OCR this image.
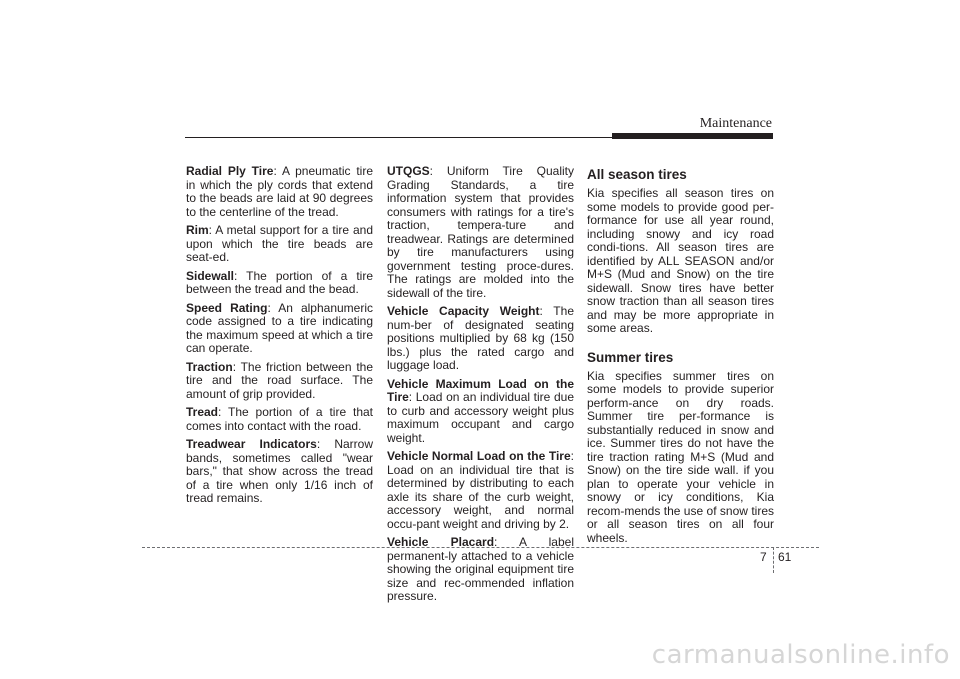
Maintenance

Radial Ply Tire: A pneumatic tire in which the ply cords that extend to the beads are laid at 90 degrees to the centerline of the tread.

Rim: A metal support for a tire and upon which the tire beads are seat-ed.

Sidewall: The portion of a tire between the tread and the bead.

Speed Rating: An alphanumeric code assigned to a tire indicating the maximum speed at which a tire can operate.

Traction: The friction between the tire and the road surface. The amount of grip provided.

Tread: The portion of a tire that comes into contact with the road.

Treadwear Indicators: Narrow bands, sometimes called "wear bars," that show across the tread of a tire when only 1/16 inch of tread remains.

UTQGS: Uniform Tire Quality Grading Standards, a tire information system that provides consumers with ratings for a tire's traction, tempera-ture and treadwear. Ratings are determined by tire manufacturers using government testing proce-dures. The ratings are molded into the sidewall of the tire.

Vehicle Capacity Weight: The num-ber of designated seating positions multiplied by 68 kg (150 lbs.) plus the rated cargo and luggage load.

Vehicle Maximum Load on the Tire: Load on an individual tire due to curb and accessory weight plus maximum occupant and cargo weight.

Vehicle Normal Load on the Tire: Load on an individual tire that is determined by distributing to each axle its share of the curb weight, accessory weight, and normal occu-pant weight and driving by 2.

Vehicle Placard: A label permanent-ly attached to a vehicle showing the original equipment tire size and rec-ommended inflation pressure.

All season tires

Kia specifies all season tires on some models to provide good per-formance for use all year round, including snowy and icy road condi-tions. All season tires are identified by ALL SEASON and/or M+S (Mud and Snow) on the tire sidewall. Snow tires have better snow traction than all season tires and may be more appropriate in some areas.

Summer tires

Kia specifies summer tires on some models to provide superior perform-ance on dry roads. Summer tire per-formance is substantially reduced in snow and ice. Summer tires do not have the tire traction rating M+S (Mud and Snow) on the tire side wall. if you plan to operate your vehicle in snowy or icy conditions, Kia recom-mends the use of snow tires or all season tires on all four wheels.

7 61
carmanualsonline.info
